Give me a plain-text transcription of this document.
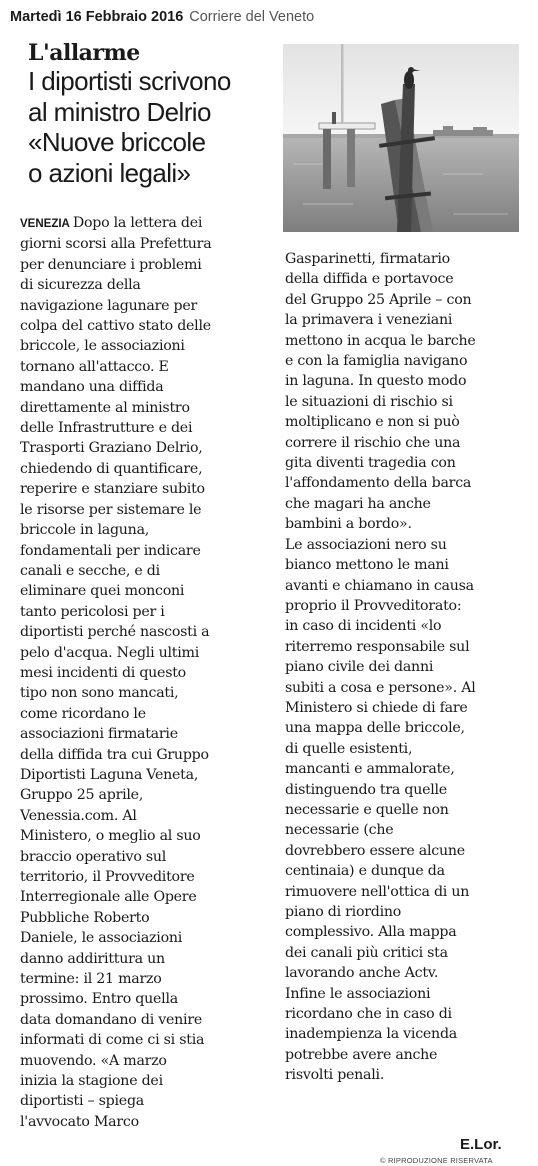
Martedì 16 Febbraio 2016 Corriere del Veneto
L'allarme
I diportisti scrivono
al ministro Delrio
«Nuove briccole
o azioni legali»
VENEZIA Dopo la lettera dei
giorni scorsi alla Prefettura
per denunciare i problemi
di sicurezza della
navigazione lagunare per
colpa del cattivo stato delle
briccole, le associazioni
tornano all'attacco. E
mandano una diffida
direttamente al ministro
delle Infrastrutture e dei
Trasporti Graziano Delrio,
chiedendo di quantificare,
reperire e stanziare subito
le risorse per sistemare le
briccole in laguna,
fondamentali per indicare
canali e secche, e di
eliminare quei monconi
tanto pericolosi per i
diportisti perché nascosti a
pelo d'acqua. Negli ultimi
mesi incidenti di questo
tipo non sono mancati,
come ricordano le
associazioni firmatarie
della diffida tra cui Gruppo
Diportisti Laguna Veneta,
Gruppo 25 aprile,
Venessia.com. Al
Ministero, o meglio al suo
braccio operativo sul
territorio, il Provveditore
Interregionale alle Opere
Pubbliche Roberto
Daniele, le associazioni
danno addirittura un
termine: il 21 marzo
prossimo. Entro quella
data domandano di venire
informati di come ci si stia
muovendo. «A marzo
inizia la stagione dei
diportisti – spiega
l'avvocato Marco
Gasparinetti, firmatario
della diffida e portavoce
del Gruppo 25 Aprile – con
la primavera i veneziani
mettono in acqua le barche
e con la famiglia navigano
in laguna. In questo modo
le situazioni di rischio si
moltiplicano e non si può
correre il rischio che una
gita diventi tragedia con
l'affondamento della barca
che magari ha anche
bambini a bordo».
Le associazioni nero su
bianco mettono le mani
avanti e chiamano in causa
proprio il Provveditorato:
in caso di incidenti «lo
riterremo responsabile sul
piano civile dei danni
subiti a cosa e persone». Al
Ministero si chiede di fare
una mappa delle briccole,
di quelle esistenti,
mancanti e ammalorate,
distinguendo tra quelle
necessarie e quelle non
necessarie (che
dovrebbero essere alcune
centinaia) e dunque da
rimuovere nell'ottica di un
piano di riordino
complessivo. Alla mappa
dei canali più critici sta
lavorando anche Actv.
Infine le associazioni
ricordano che in caso di
inadempienza la vicenda
potrebbe avere anche
risvolti penali.
E.Lor.
© RIPRODUZIONE RISERVATA
